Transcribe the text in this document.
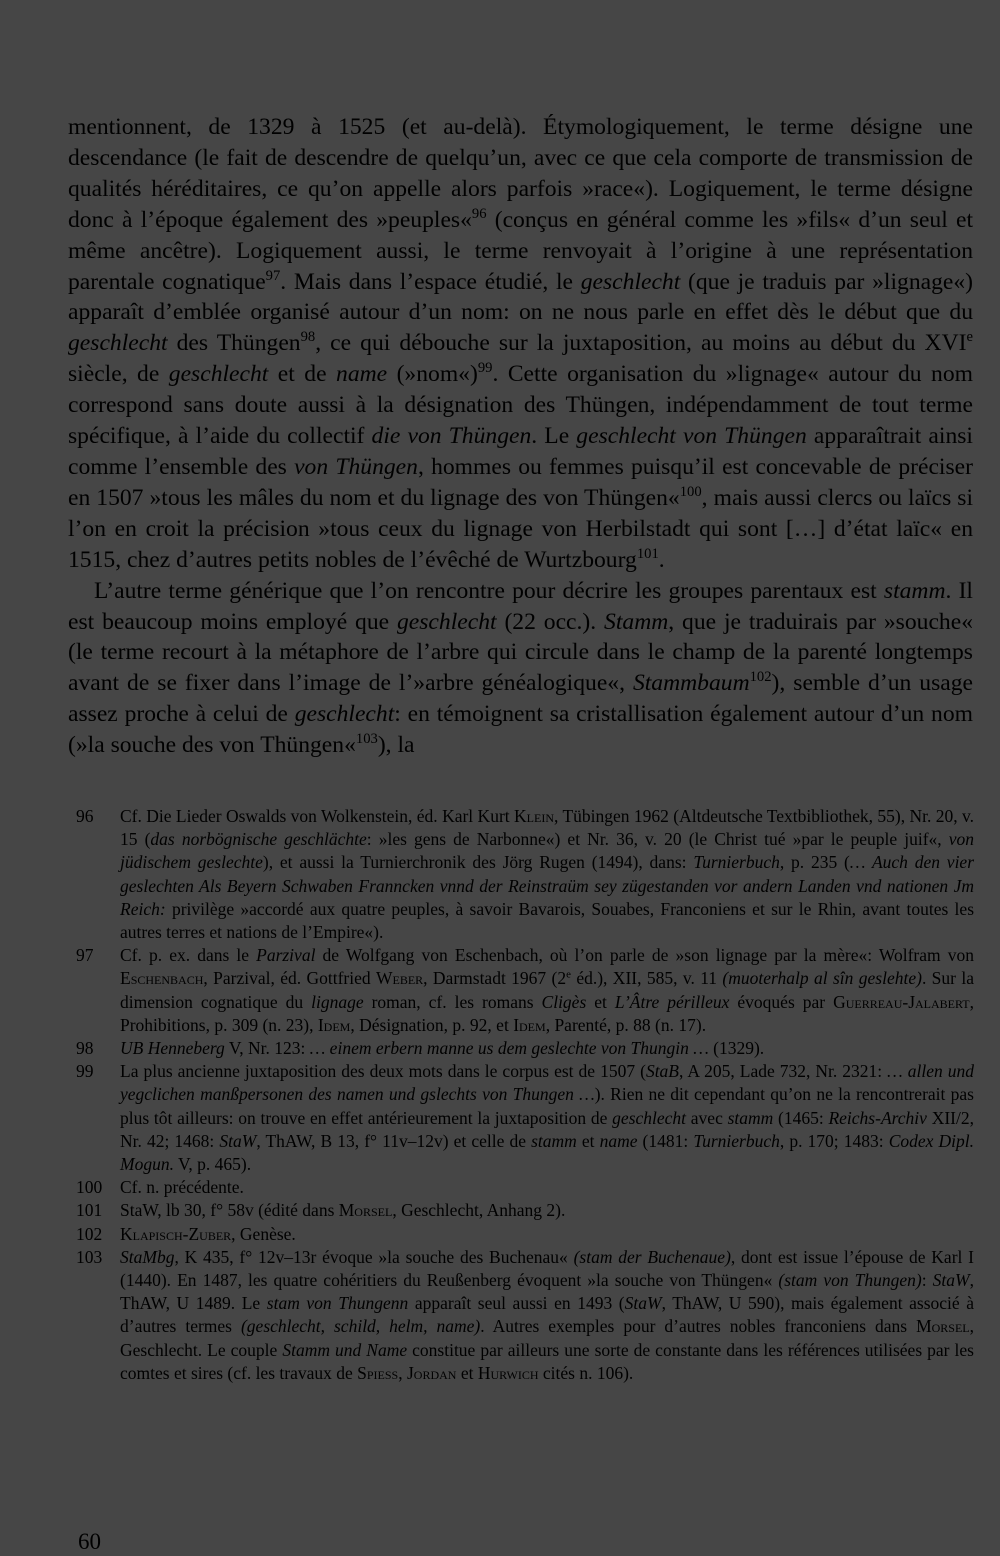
mentionnent, de 1329 à 1525 (et au-delà). Étymologiquement, le terme désigne une descendance (le fait de descendre de quelqu’un, avec ce que cela comporte de transmission de qualités héréditaires, ce qu’on appelle alors parfois »race«). Logiquement, le terme désigne donc à l’époque également des »peuples«$^{96}$ (conçus en général comme les »fils« d’un seul et même ancêtre). Logiquement aussi, le terme renvoyait à l’origine à une représentation parentale cognatique$^{97}$. Mais dans l’espace étudié, le geschlecht (que je traduis par »lignage«) apparaît d’emblée organisé autour d’un nom: on ne nous parle en effet dès le début que du geschlecht des Thüngen$^{98}$, ce qui débouche sur la juxtaposition, au moins au début du XVIe siècle, de geschlecht et de name (»nom«)$^{99}$. Cette organisation du »lignage« autour du nom correspond sans doute aussi à la désignation des Thüngen, indépendamment de tout terme spécifique, à l’aide du collectif die von Thüngen. Le geschlecht von Thüngen apparaîtrait ainsi comme l’ensemble des von Thüngen, hommes ou femmes puisqu’il est concevable de préciser en 1507 »tous les mâles du nom et du lignage des von Thüngen«$^{100}$, mais aussi clercs ou laïcs si l’on en croit la précision »tous ceux du lignage von Herbilstadt qui sont […] d’état laïc« en 1515, chez d’autres petits nobles de l’évêché de Wurtzbourg$^{101}$.

L’autre terme générique que l’on rencontre pour décrire les groupes parentaux est stamm. Il est beaucoup moins employé que geschlecht (22 occ.). Stamm, que je traduirais par »souche« (le terme recourt à la métaphore de l’arbre qui circule dans le champ de la parenté longtemps avant de se fixer dans l’image de l’»arbre généalogique«, Stammbaum$^{102}$), semble d’un usage assez proche à celui de geschlecht: en témoignent sa cristallisation également autour d’un nom (»la souche des von Thüngen«$^{103}$), la

96 Cf. Die Lieder Oswalds von Wolkenstein, éd. Karl Kurt Klein, Tübingen 1962 (Altdeutsche Textbibliothek, 55), Nr. 20, v. 15 (das norbögnische geschlächte: »les gens de Narbonne«) et Nr. 36, v. 20 (le Christ tué »par le peuple juif«, von jüdischem geslechte), et aussi la Turnierchronik des Jörg Rugen (1494), dans: Turnierbuch, p. 235 (… Auch den vier geslechten Als Beyern Schwaben Franncken vnnd der Reinstraüm sey zügestanden vor andern Landen vnd nationen Jm Reich: privilège »accordé aux quatre peuples, à savoir Bavarois, Souabes, Franconiens et sur le Rhin, avant toutes les autres terres et nations de l’Empire«).

97 Cf. p. ex. dans le Parzival de Wolfgang von Eschenbach, où l’on parle de »son lignage par la mère«: Wolfram von Eschenbach, Parzival, éd. Gottfried Weber, Darmstadt 1967 (2e éd.), XII, 585, v. 11 (muoterhalp al sîn geslehte). Sur la dimension cognatique du lignage roman, cf. les romans Cligès et L’Âtre périlleux évoqués par Guerreau-Jalabert, Prohibitions, p. 309 (n. 23), Idem, Désignation, p. 92, et Idem, Parenté, p. 88 (n. 17).

98 UB Henneberg V, Nr. 123: … einem erbern manne us dem geslechte von Thungin … (1329).

99 La plus ancienne juxtaposition des deux mots dans le corpus est de 1507 (StaB, A 205, Lade 732, Nr. 2321: … allen und yegclichen manßpersonen des namen und gslechts von Thungen …). Rien ne dit cependant qu’on ne la rencontrerait pas plus tôt ailleurs: on trouve en effet antérieurement la juxtaposition de geschlecht avec stamm (1465: Reichs-Archiv XII/2, Nr. 42; 1468: StaW, ThAW, B 13, f° 11v–12v) et celle de stamm et name (1481: Turnierbuch, p. 170; 1483: Codex Dipl. Mogun. V, p. 465).

100 Cf. n. précédente.

101 StaW, lb 30, f° 58v (édité dans Morsel, Geschlecht, Anhang 2).

102 Klapisch-Zuber, Genèse.

103 StaMbg, K 435, f° 12v–13r évoque »la souche des Buchenau« (stam der Buchenaue), dont est issue l’épouse de Karl I (1440). En 1487, les quatre cohéritiers du Reußenberg évoquent »la souche von Thüngen« (stam von Thungen): StaW, ThAW, U 1489. Le stam von Thungenn apparaît seul aussi en 1493 (StaW, ThAW, U 590), mais également associé à d’autres termes (geschlecht, schild, helm, name). Autres exemples pour d’autres nobles franconiens dans Morsel, Geschlecht. Le couple Stamm und Name constitue par ailleurs une sorte de constante dans les références utilisées par les comtes et sires (cf. les travaux de Spiess, Jordan et Hurwich cités n. 106).

60
